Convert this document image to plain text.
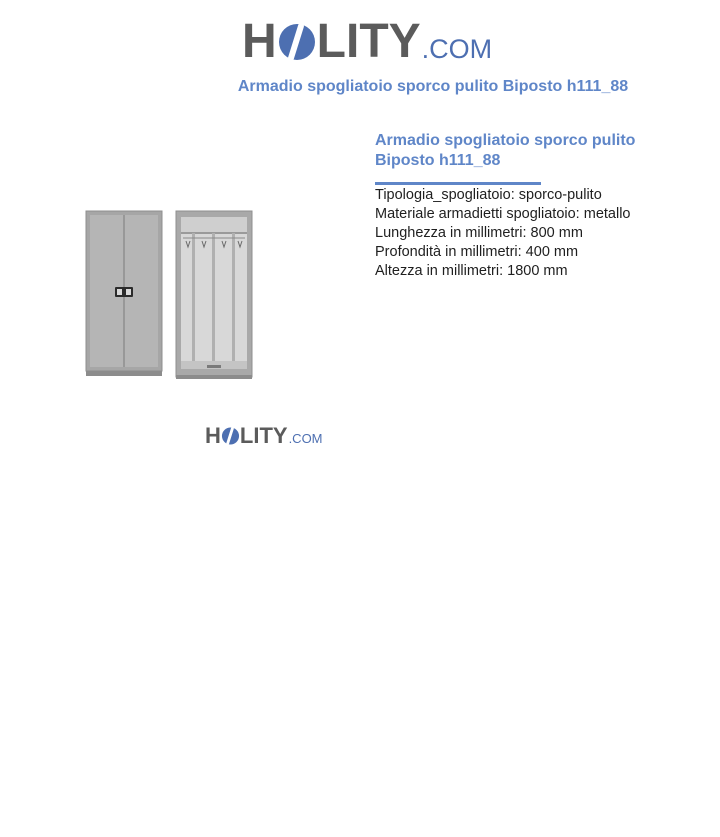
H LITY .COM
Armadio spogliatoio sporco pulito Biposto h111_88
H LITY .COM
Armadio spogliatoio sporco pulito Biposto h111_88
Tipologia_spogliatoio: sporco-pulito
Materiale armadietti spogliatoio: metallo
Lunghezza in millimetri: 800 mm
Profondità in millimetri: 400 mm
Altezza in millimetri: 1800 mm
